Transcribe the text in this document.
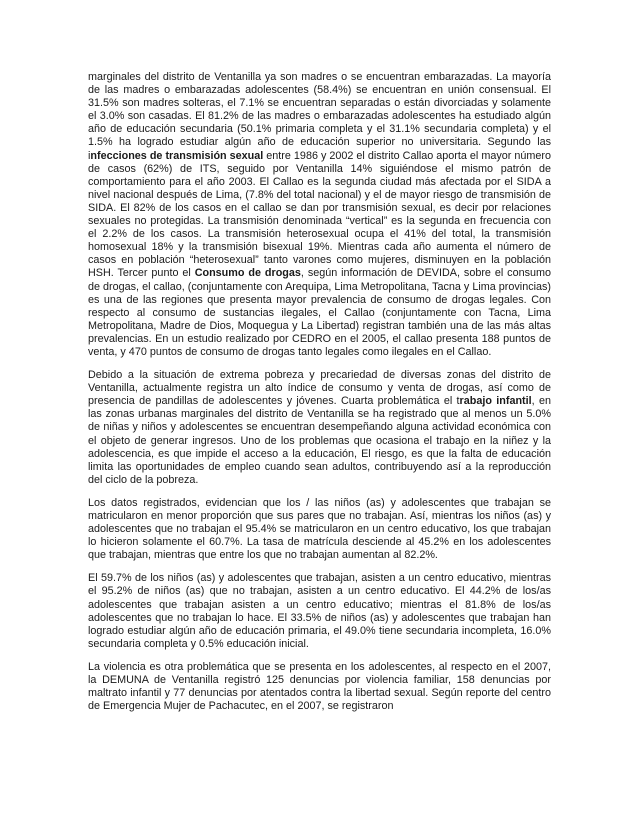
marginales del distrito de Ventanilla ya son madres o se encuentran embarazadas. La mayoría de las madres o embarazadas adolescentes (58.4%) se encuentran en unión consensual. El 31.5% son madres solteras, el 7.1% se encuentran separadas o están divorciadas y solamente el 3.0% son casadas. El 81.2% de las madres o embarazadas adolescentes ha estudiado algún año de educación secundaria (50.1% primaria completa y el 31.1% secundaria completa) y el 1.5% ha logrado estudiar algún año de educación superior no universitaria. Segundo las infecciones de transmisión sexual entre 1986 y 2002 el distrito Callao aporta el mayor número de casos (62%) de ITS, seguido por Ventanilla 14% siguiéndose el mismo patrón de comportamiento para el año 2003. El Callao es la segunda ciudad más afectada por el SIDA a nivel nacional después de Lima, (7.8% del total nacional) y el de mayor riesgo de transmisión de SIDA. El 82% de los casos en el callao se dan por transmisión sexual, es decir por relaciones sexuales no protegidas. La transmisión denominada “vertical” es la segunda en frecuencia con el 2.2% de los casos. La transmisión heterosexual ocupa el 41% del total, la transmisión homosexual 18% y la transmisión bisexual 19%. Mientras cada año aumenta el número de casos en población “heterosexual” tanto varones como mujeres, disminuyen en la población HSH. Tercer punto el Consumo de drogas, según información de DEVIDA, sobre el consumo de drogas, el callao, (conjuntamente con Arequipa, Lima Metropolitana, Tacna y Lima provincias) es una de las regiones que presenta mayor prevalencia de consumo de drogas legales. Con respecto al consumo de sustancias ilegales, el Callao (conjuntamente con Tacna, Lima Metropolitana, Madre de Dios, Moquegua y La Libertad) registran también una de las más altas prevalencias. En un estudio realizado por CEDRO en el 2005, el callao presenta 188 puntos de venta, y 470 puntos de consumo de drogas tanto legales como ilegales en el Callao.

Debido a la situación de extrema pobreza y precariedad de diversas zonas del distrito de Ventanilla, actualmente registra un alto índice de consumo y venta de drogas, así como de presencia de pandillas de adolescentes y jóvenes. Cuarta problemática el trabajo infantil, en las zonas urbanas marginales del distrito de Ventanilla se ha registrado que al menos un 5.0% de niñas y niños y adolescentes se encuentran desempeñando alguna actividad económica con el objeto de generar ingresos. Uno de los problemas que ocasiona el trabajo en la niñez y la adolescencia, es que impide el acceso a la educación, El riesgo, es que la falta de educación limita las oportunidades de empleo cuando sean adultos, contribuyendo así a la reproducción del ciclo de la pobreza.

Los datos registrados, evidencian que los / las niños (as) y adolescentes que trabajan se matricularon en menor proporción que sus pares que no trabajan. Así, mientras los niños (as) y adolescentes que no trabajan el 95.4% se matricularon en un centro educativo, los que trabajan lo hicieron solamente el 60.7%. La tasa de matrícula desciende al 45.2% en los adolescentes que trabajan, mientras que entre los que no trabajan aumentan al 82.2%.

El 59.7% de los niños (as) y adolescentes que trabajan, asisten a un centro educativo, mientras el 95.2% de niños (as) que no trabajan, asisten a un centro educativo. El 44.2% de los/as adolescentes que trabajan asisten a un centro educativo; mientras el 81.8% de los/as adolescentes que no trabajan lo hace. El 33.5% de niños (as) y adolescentes que trabajan han logrado estudiar algún año de educación primaria, el 49.0% tiene secundaria incompleta, 16.0% secundaria completa y 0.5% educación inicial.

La violencia es otra problemática que se presenta en los adolescentes, al respecto en el 2007, la DEMUNA de Ventanilla registró 125 denuncias por violencia familiar, 158 denuncias por maltrato infantil y 77 denuncias por atentados contra la libertad sexual. Según reporte del centro de Emergencia Mujer de Pachacutec, en el 2007, se registraron
